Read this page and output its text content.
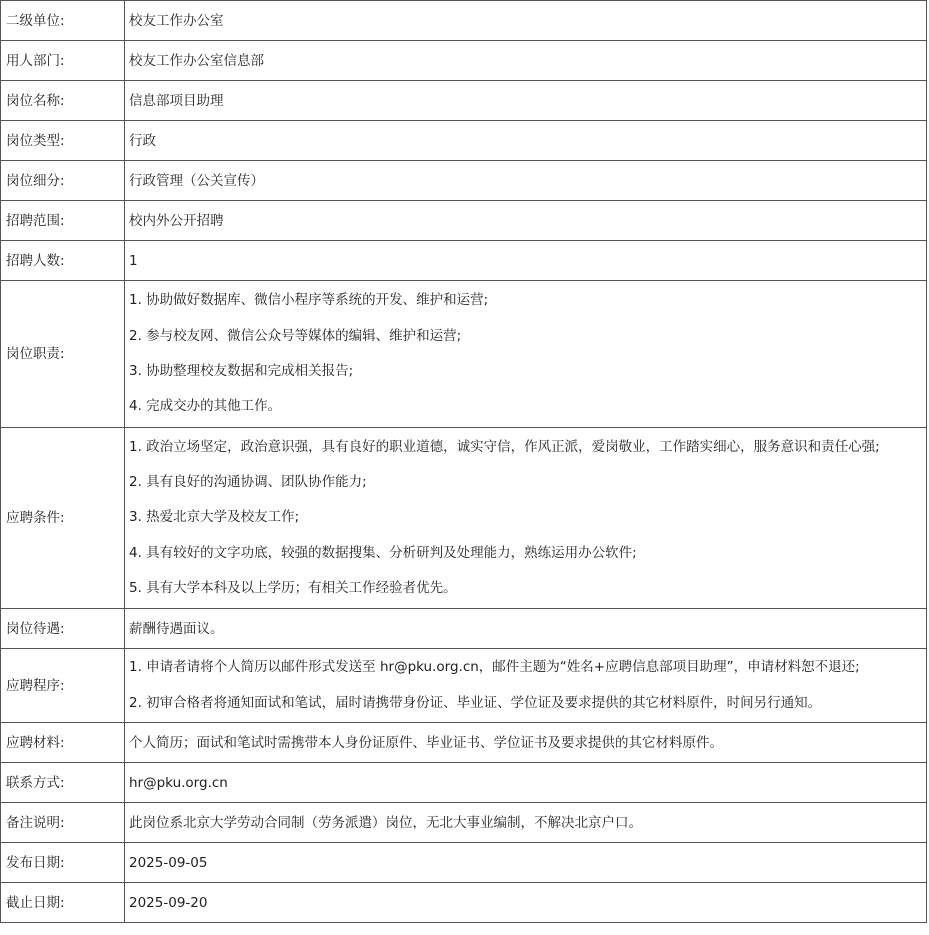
二级单位:	校友工作办公室
用人部门:	校友工作办公室信息部
岗位名称:	信息部项目助理
岗位类型:	行政
岗位细分:	行政管理（公关宣传）
招聘范围:	校内外公开招聘
招聘人数:	1
岗位职责:	1. 协助做好数据库、微信小程序等系统的开发、维护和运营;
2. 参与校友网、微信公众号等媒体的编辑、维护和运营;
3. 协助整理校友数据和完成相关报告;
4. 完成交办的其他工作。

应聘条件:	1. 政治立场坚定，政治意识强，具有良好的职业道德，诚实守信，作风正派，爱岗敬业，工作踏实细心，服务意识和责任心强;
2. 具有良好的沟通协调、团队协作能力;
3. 热爱北京大学及校友工作;
4. 具有较好的文字功底，较强的数据搜集、分析研判及处理能力，熟练运用办公软件;
5. 具有大学本科及以上学历；有相关工作经验者优先。

岗位待遇:	薪酬待遇面议。
应聘程序:	1. 申请者请将个人简历以邮件形式发送至 hr@pku.org.cn，邮件主题为“姓名+应聘信息部项目助理”，申请材料恕不退还;
2. 初审合格者将通知面试和笔试，届时请携带身份证、毕业证、学位证及要求提供的其它材料原件，时间另行通知。

应聘材料:	个人简历；面试和笔试时需携带本人身份证原件、毕业证书、学位证书及要求提供的其它材料原件。
联系方式:	hr@pku.org.cn
备注说明:	此岗位系北京大学劳动合同制（劳务派遣）岗位，无北大事业编制，不解决北京户口。
发布日期:	2025-09-05
截止日期:	2025-09-20
